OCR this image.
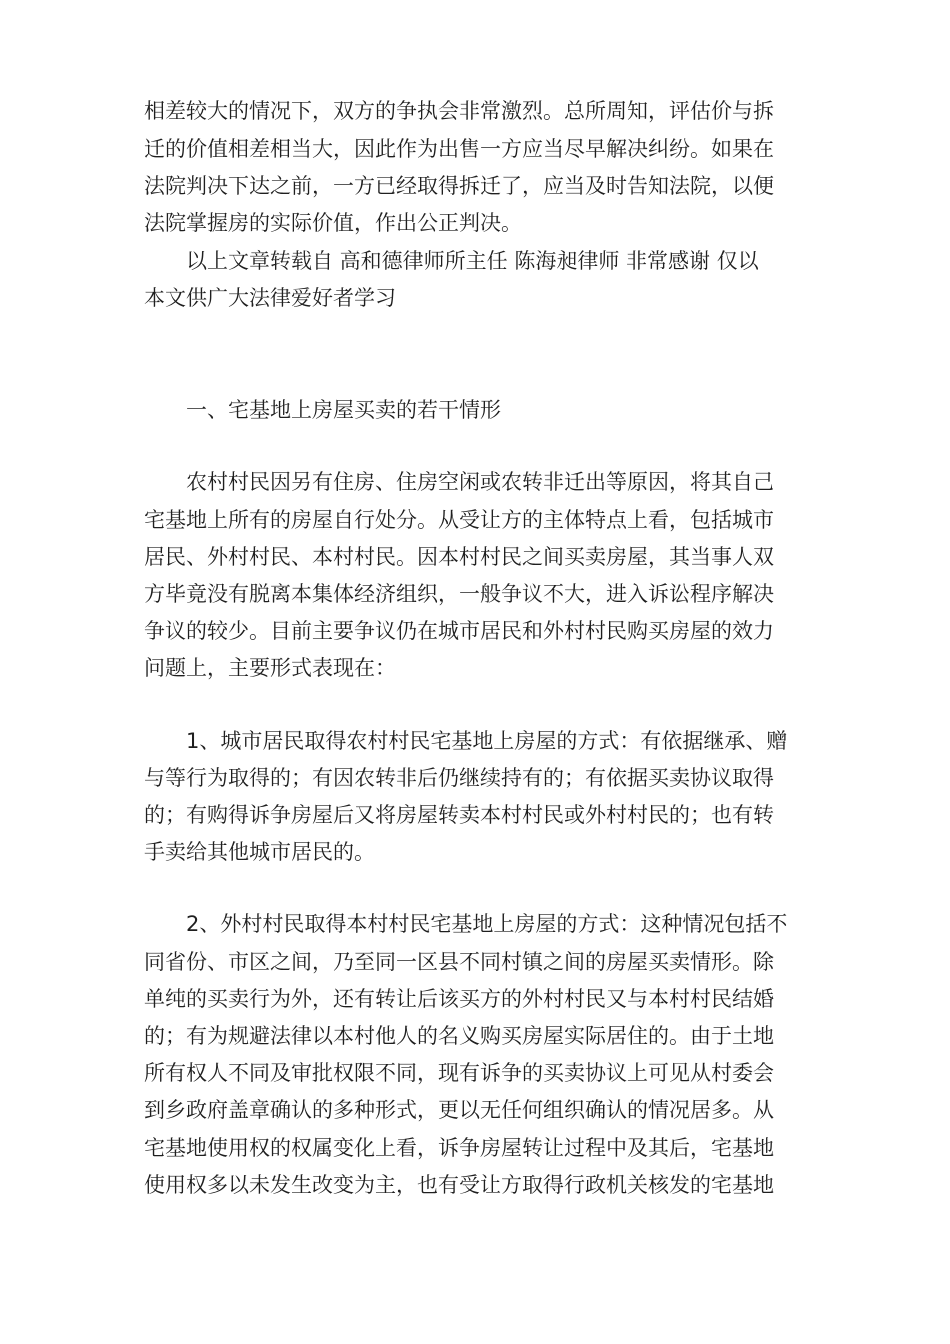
相差较大的情况下，双方的争执会非常激烈。总所周知，评估价与拆
迁的价值相差相当大，因此作为出售一方应当尽早解决纠纷。如果在
法院判决下达之前，一方已经取得拆迁了，应当及时告知法院，以便
法院掌握房的实际价值，作出公正判决。
以上文章转载自 高和德律师所主任 陈海昶律师 非常感谢 仅以
本文供广大法律爱好者学习
一、宅基地上房屋买卖的若干情形
农村村民因另有住房、住房空闲或农转非迁出等原因，将其自己
宅基地上所有的房屋自行处分。从受让方的主体特点上看，包括城市
居民、外村村民、本村村民。因本村村民之间买卖房屋，其当事人双
方毕竟没有脱离本集体经济组织，一般争议不大，进入诉讼程序解决
争议的较少。目前主要争议仍在城市居民和外村村民购买房屋的效力
问题上，主要形式表现在：
1、城市居民取得农村村民宅基地上房屋的方式：有依据继承、赠
与等行为取得的；有因农转非后仍继续持有的；有依据买卖协议取得
的；有购得诉争房屋后又将房屋转卖本村村民或外村村民的；也有转
手卖给其他城市居民的。
2、外村村民取得本村村民宅基地上房屋的方式：这种情况包括不
同省份、市区之间，乃至同一区县不同村镇之间的房屋买卖情形。除
单纯的买卖行为外，还有转让后该买方的外村村民又与本村村民结婚
的；有为规避法律以本村他人的名义购买房屋实际居住的。由于土地
所有权人不同及审批权限不同，现有诉争的买卖协议上可见从村委会
到乡政府盖章确认的多种形式，更以无任何组织确认的情况居多。从
宅基地使用权的权属变化上看，诉争房屋转让过程中及其后，宅基地
使用权多以未发生改变为主，也有受让方取得行政机关核发的宅基地
